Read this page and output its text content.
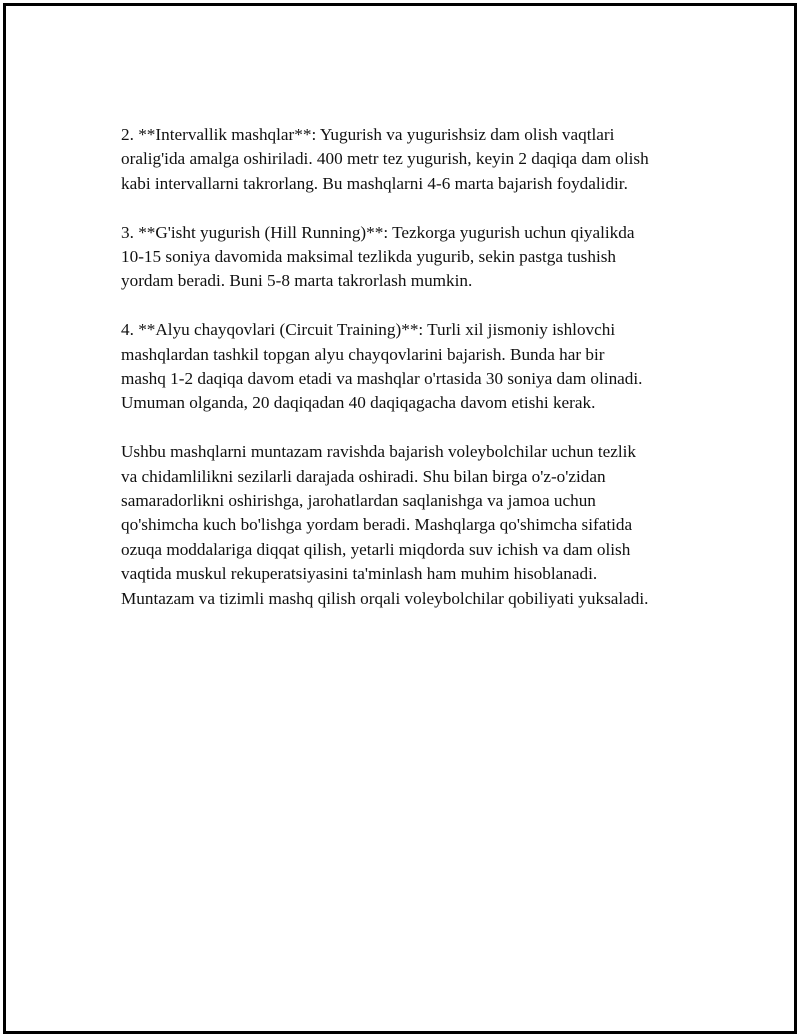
2. **Intervallik mashqlar**: Yugurish va yugurishsiz dam olish vaqtlari
oralig'ida amalga oshiriladi. 400 metr tez yugurish, keyin 2 daqiqa dam olish
kabi intervallarni takrorlang. Bu mashqlarni 4-6 marta bajarish foydalidir.

3. **G'isht yugurish (Hill Running)**: Tezkorga yugurish uchun qiyalikda
10-15 soniya davomida maksimal tezlikda yugurib, sekin pastga tushish
yordam beradi. Buni 5-8 marta takrorlash mumkin.

4. **Alyu chayqovlari (Circuit Training)**: Turli xil jismoniy ishlovchi
mashqlardan tashkil topgan alyu chayqovlarini bajarish. Bunda har bir
mashq 1-2 daqiqa davom etadi va mashqlar o'rtasida 30 soniya dam olinadi.
Umuman olganda, 20 daqiqadan 40 daqiqagacha davom etishi kerak.

Ushbu mashqlarni muntazam ravishda bajarish voleybolchilar uchun tezlik
va chidamlilikni sezilarli darajada oshiradi. Shu bilan birga o'z-o'zidan
samaradorlikni oshirishga, jarohatlardan saqlanishga va jamoa uchun
qo'shimcha kuch bo'lishga yordam beradi. Mashqlarga qo'shimcha sifatida
ozuqa moddalariga diqqat qilish, yetarli miqdorda suv ichish va dam olish
vaqtida muskul rekuperatsiyasini ta'minlash ham muhim hisoblanadi.
Muntazam va tizimli mashq qilish orqali voleybolchilar qobiliyati yuksaladi.
